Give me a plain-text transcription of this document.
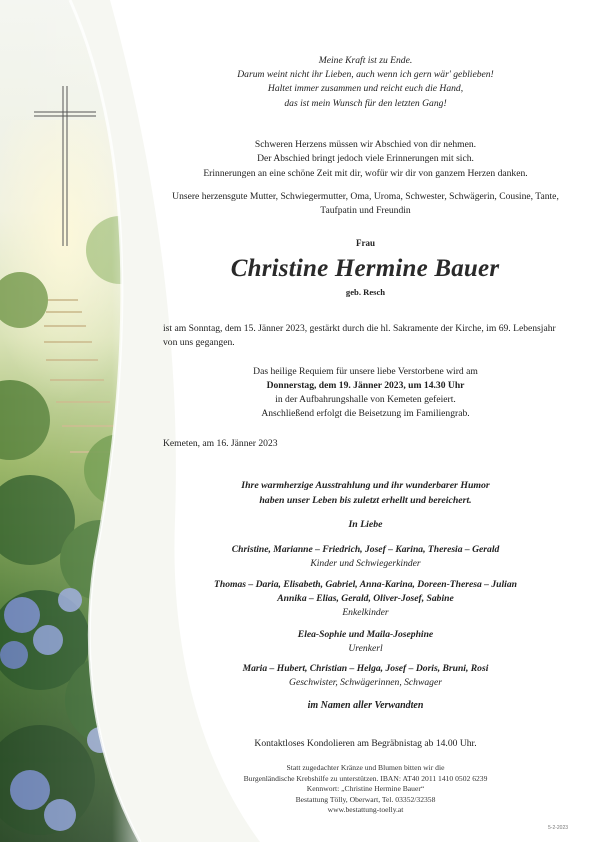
Meine Kraft ist zu Ende.
Darum weint nicht ihr Lieben, auch wenn ich gern wär' geblieben!
Haltet immer zusammen und reicht euch die Hand,
das ist mein Wunsch für den letzten Gang!
Schweren Herzens müssen wir Abschied von dir nehmen.
Der Abschied bringt jedoch viele Erinnerungen mit sich.
Erinnerungen an eine schöne Zeit mit dir, wofür wir dir von ganzem Herzen danken.

Unsere herzensgute Mutter, Schwiegermutter, Oma, Uroma, Schwester, Schwägerin, Cousine, Tante, Taufpatin und Freundin

Frau

Christine Hermine Bauer

geb. Resch

ist am Sonntag, dem 15. Jänner 2023, gestärkt durch die hl. Sakramente der Kirche, im 69. Lebensjahr von uns gegangen.

Das heilige Requiem für unsere liebe Verstorbene wird am
Donnerstag, dem 19. Jänner 2023, um 14.30 Uhr
in der Aufbahrungshalle von Kemeten gefeiert.
Anschließend erfolgt die Beisetzung im Familiengrab.

Kemeten, am 16. Jänner 2023

Ihre warmherzige Ausstrahlung und ihr wunderbarer Humor
haben unser Leben bis zuletzt erhellt und bereichert.

In Liebe

Christine, Marianne – Friedrich, Josef – Karina, Theresia – Gerald
Kinder und Schwiegerkinder
Thomas – Daria, Elisabeth, Gabriel, Anna-Karina, Doreen-Theresa – Julian
Annika – Elias, Gerald, Oliver-Josef, Sabine
Enkelkinder
Elea-Sophie und Maila-Josephine
Urenkerl
Maria – Hubert, Christian – Helga, Josef – Doris, Bruni, Rosi
Geschwister, Schwägerinnen, Schwager

im Namen aller Verwandten

Kontaktloses Kondolieren am Begräbnistag ab 14.00 Uhr.

Statt zugedachter Kränze und Blumen bitten wir die
Burgenländische Krebshilfe zu unterstützen. IBAN: AT40 2011 1410 0502 6239
Kennwort: „Christine Hermine Bauer“
Bestattung Tölly, Oberwart, Tel. 03352/32358
www.bestattung-toelly.at
5-2-2023
